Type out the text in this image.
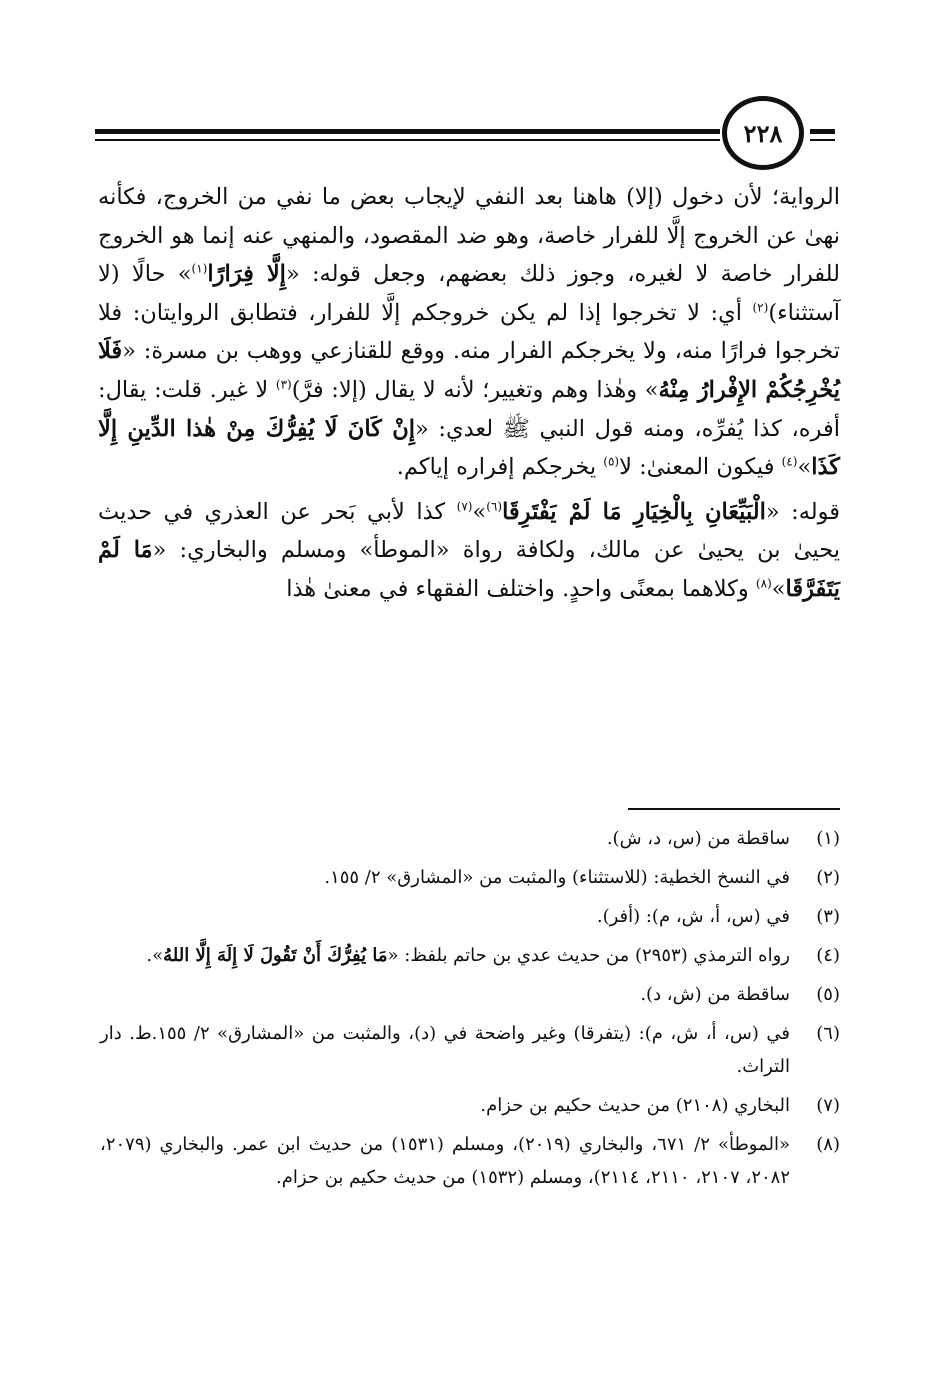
٢٢٨

الرواية؛ لأن دخول (إلا) هاهنا بعد النفي لإيجاب بعض ما نفي من الخروج، فكأنه نهىٰ عن الخروج إلَّا للفرار خاصة، وهو ضد المقصود، والمنهي عنه إنما هو الخروج للفرار خاصة لا لغيره، وجوز ذلك بعضهم، وجعل قوله: «إِلَّا فِرَارًا$^{(١)}$» حالًا (لا آستثناء)$^{(٢)}$ أي: لا تخرجوا إذا لم يكن خروجكم إلَّا للفرار، فتطابق الروايتان: فلا تخرجوا فرارًا منه، ولا يخرجكم الفرار منه. ووقع للقنازعي ووهب بن مسرة: «فَلَا يُخْرِجُكُمْ الإِفْرارُ مِنْهُ» وهٰذا وهم وتغيير؛ لأنه لا يقال (إلا: فرَّ)$^{(٣)}$ لا غير. قلت: يقال: أفره، كذا يُفرِّه، ومنه قول النبي ﷺ لعدي: «إِنْ كَانَ لَا يُفِرُّكَ مِنْ هٰذا الدِّينِ إِلَّا كَذَا»$^{(٤)}$ فيكون المعنىٰ: لا$^{(٥)}$ يخرجكم إفراره إياكم.

قوله: «الْبَيِّعَانِ بِالْخِيَارِ مَا لَمْ يَفْتَرِقَا$^{(٦)}$»$^{(٧)}$ كذا لأبي بَحر عن العذري في حديث يحيىٰ بن يحيىٰ عن مالك، ولكافة رواة «الموطأ» ومسلم والبخاري: «مَا لَمْ يَتَفَرَّقَا»$^{(٨)}$ وكلاهما بمعنًى واحدٍ. واختلف الفقهاء في معنىٰ هٰذا

(١)
ساقطة من (س، د، ش).
(٢)
في النسخ الخطية: (للاستثناء) والمثبت من «المشارق» ٢/ ١٥٥.
(٣)
في (س، أ، ش، م): (أفر).
(٤)
رواه الترمذي (٢٩٥٣) من حديث عدي بن حاتم بلفظ: «مَا يُفِرُّكَ أَنْ تَقُولَ لَا إِلَهَ إِلَّا اللهُ».
(٥)
ساقطة من (ش، د).
(٦)
في (س، أ، ش، م): (يتفرقا) وغير واضحة في (د)، والمثبت من «المشارق» ٢/ ١٥٥.ط. دار التراث.
(٧)
البخاري (٢١٠٨) من حديث حكيم بن حزام.
(٨)
«الموطأ» ٢/ ٦٧١، والبخاري (٢٠١٩)، ومسلم (١٥٣١) من حديث ابن عمر. والبخاري (٢٠٧٩، ٢٠٨٢، ٢١٠٧، ٢١١٠، ٢١١٤)، ومسلم (١٥٣٢) من حديث حكيم بن حزام.
